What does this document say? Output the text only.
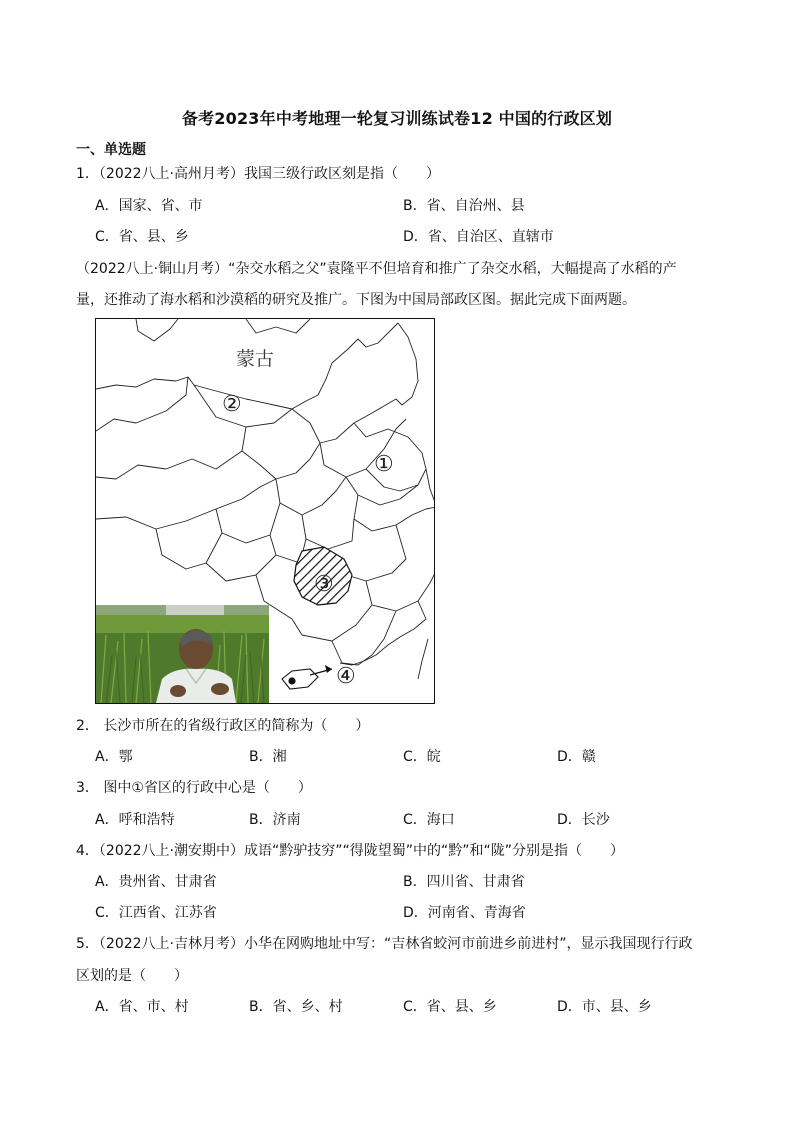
备考2023年中考地理一轮复习训练试卷12 中国的行政区划
一、单选题
1．（2022八上·高州月考）我国三级行政区刻是指（　　）
A．国家、省、市	B．省、自治州、县
C．省、县、乡	D．省、自治区、直辖市
（2022八上·铜山月考）“杂交水稻之父”袁隆平不但培育和推广了杂交水稻，大幅提高了水稻的产
量，还推动了海水稻和沙漠稻的研究及推广。下图为中国局部政区图。据此完成下面两题。
蒙古
②
①
③
④
2． 长沙市所在的省级行政区的简称为（　　）
A．鄂	B．湘	C．皖	D．赣
3． 图中①省区的行政中心是（　　）
A．呼和浩特	B．济南	C．海口	D．长沙
4．（2022八上·潮安期中）成语“黔驴技穷”“得陇望蜀”中的“黔”和“陇”分别是指（　　）
A．贵州省、甘肃省	B．四川省、甘肃省
C．江西省、江苏省	D．河南省、青海省
5．（2022八上·吉林月考）小华在网购地址中写：“吉林省蛟河市前进乡前进村”，显示我国现行行政
区划的是（　　）
A．省、市、村	B．省、乡、村	C．省、县、乡	D．市、县、乡
